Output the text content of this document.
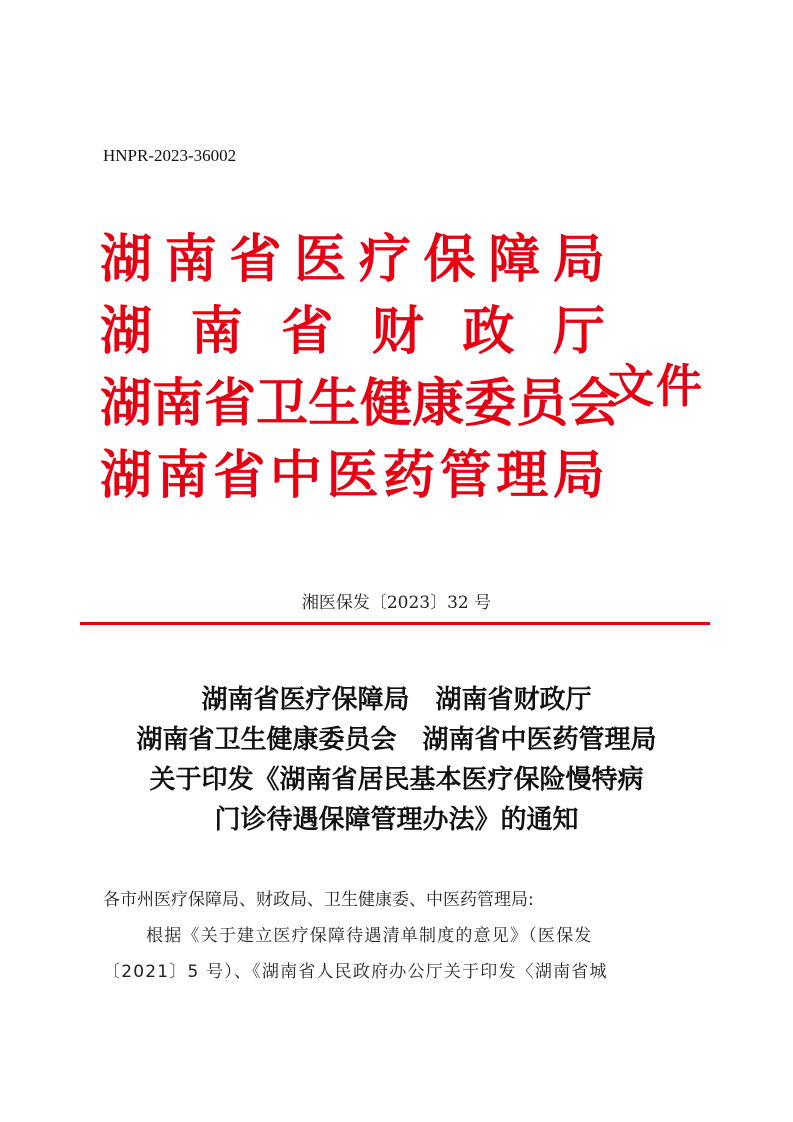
HNPR-2023-36002
湖 南 省 医 疗 保 障 局
湖 南 省 财 政 厅
湖 南 省 卫 生 健 康 委 员 会
湖 南 省 中 医 药 管 理 局
文件
湘医保发〔2023〕32 号
湖南省医疗保障局　湖南省财政厅
湖南省卫生健康委员会　湖南省中医药管理局
关于印发《湖南省居民基本医疗保险慢特病
门诊待遇保障管理办法》的通知

各市州医疗保障局、财政局、卫生健康委、中医药管理局:

根据《关于建立医疗保障待遇清单制度的意见》（医保发

〔2021〕5 号）、《湖南省人民政府办公厅关于印发〈湖南省城
